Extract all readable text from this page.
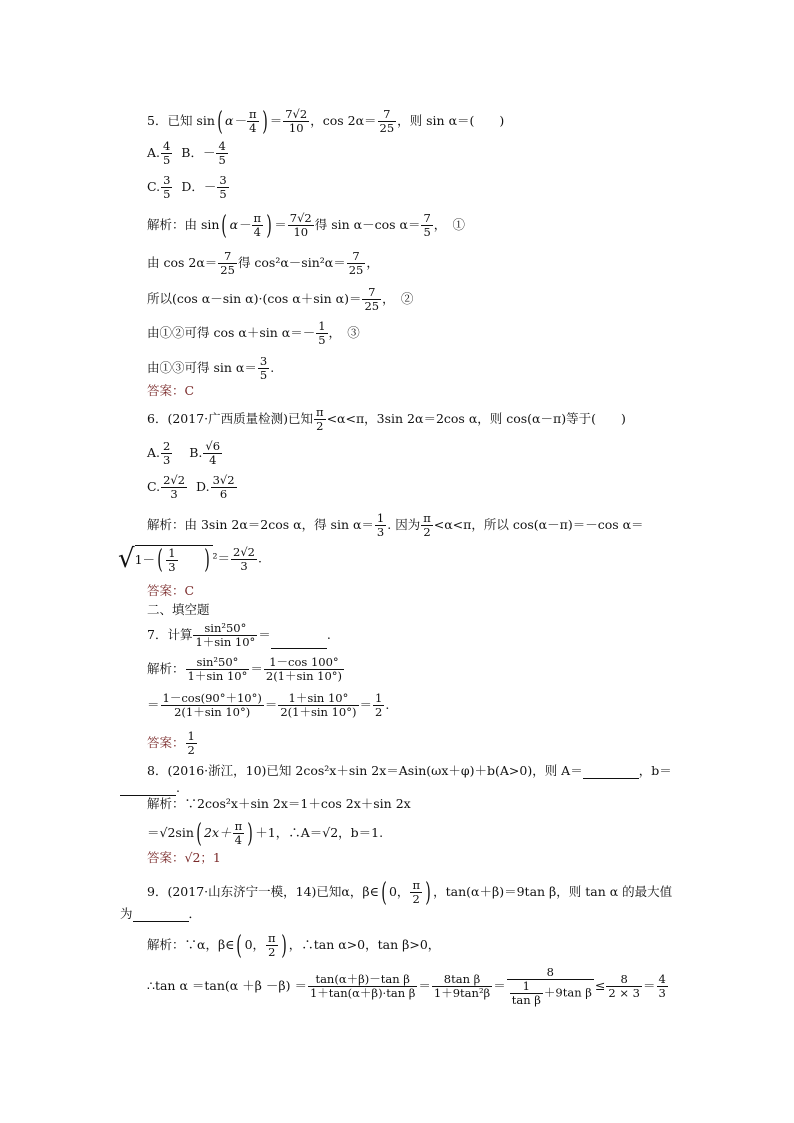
5．已知 sin( $\alpha- \frac{\pi}{4}$ ) ＝ $\frac{7√2}{10}$ ，$\cos 2\alpha= \frac{7}{25}$ ，则 sin α＝(　　)
A. $\frac{4}{5}$ B．－ $\frac{4}{5}$
C. $\frac{3}{5}$ D．－ $\frac{3}{5}$
解析：由 sin( $\alpha- \frac{\pi}{4}$ ) ＝ $\frac{7√2}{10}$ 得 sin α－cos $\alpha= \frac{7}{5}$ ，　①
由 $\cos 2\alpha= \frac{7}{25}$ 得 $\cos^2\alpha-\sin^2\alpha= \frac{7}{25}$ ，
所以(cos α－sin α)·(cos α＋sin $\alpha)= \frac{7}{25}$ ，　②
由①②可得 cos α＋sin $\alpha=- \frac{1}{5}$ ，　③
由①③可得 $\sin \alpha= \frac{3}{5}$ .
答案：C
6．(2017·广西质量检测)已知 $\frac{\pi}{2} <\alpha<\pi$，3sin 2α＝2cos α，则 cos(α－π)等于(　　)
A. $\frac{2}{3} B$. $\frac{√6}{4}$
C. $\frac{2√2}{3} D$. $\frac{3√2}{6}$
解析：由 3sin 2α＝2cos α，得 $\sin \alpha= \frac{1}{3}$ . 因为 $\frac{\pi}{2} <\alpha<\pi$，所以 cos(α－π)＝－cos α＝
$√1-( \frac{1}{3}$ ) $^2= \frac{2√2}{3}$ .
答案：C
二、填空题
7．计算 $\frac{\text{sin²50°}}{1+\sin 10^\circ}$ ＝	.
解析： $\frac{\text{sin²50°}}{1+\sin 10^\circ} = \frac{1-\cos 100^\circ}{2(1+\sin 10^\circ)}$
＝ $\frac{1-\cos(90^\circ+10^\circ)}{2(1+\sin 10^\circ)} = \frac{1+\sin 10^\circ}{2(1+\sin 10^\circ)} = \frac{1}{2}$ .
答案： $\frac{1}{2}$
8．(2016·浙江，10)已知 2cos²x＋sin 2x＝Asin(ωx＋φ)＋b(A>0)，则 A＝	，b＝
.
解析：∵2cos²x＋sin 2x＝1＋cos 2x＋sin 2x
＝√2sin( $2x+ \frac{\pi}{4}$ ) ＋1，∴A＝√2，b＝1.
答案：√2；1
9．(2017·山东济宁一模，14)已知α，β∈( 0， $\frac{\pi}{2}$ ) ，tan(α＋β)＝9tan β，则 tan α 的最大值
为	．
解析：∵α，β∈( 0， $\frac{\pi}{2}$ ) ，∴tan α>0，tan β>0，
∴tan $\alpha =\tan(\alpha +\beta -\beta) = \frac{\text{tan(α＋β)－tan β}}{\text{1＋tan(α＋β)·tan β}} = \frac{\text{8tan β}}{\text{1＋9tan²β}} = \frac{8}{\frac{1}{\text{tan β}} +9\tan \beta} \le \frac{8}{2 \times 3} = \frac{4}{3}$
